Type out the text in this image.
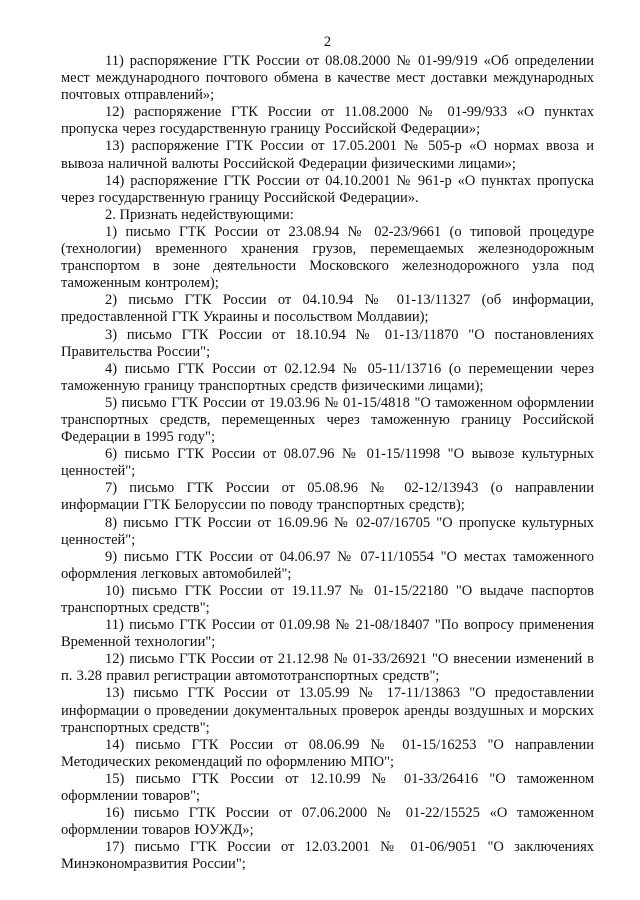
2

11) распоряжение ГТК России от 08.08.2000 № 01-99/919 «Об определении мест международного почтового обмена в качестве мест доставки международных почтовых отправлений»;

12) распоряжение ГТК России от 11.08.2000 № 01-99/933 «О пунктах пропуска через государственную границу Российской Федерации»;

13) распоряжение ГТК России от 17.05.2001 № 505-р «О нормах ввоза и вывоза наличной валюты Российской Федерации физическими лицами»;

14) распоряжение ГТК России от 04.10.2001 № 961-р «О пунктах пропуска через государственную границу Российской Федерации».

2. Признать недействующими:

1) письмо ГТК России от 23.08.94 № 02-23/9661 (о типовой процедуре (технологии) временного хранения грузов, перемещаемых железнодорожным транспортом в зоне деятельности Московского железнодорожного узла под таможенным контролем);

2) письмо ГТК России от 04.10.94 № 01-13/11327 (об информации, предоставленной ГТК Украины и посольством Молдавии);

3) письмо ГТК России от 18.10.94 № 01-13/11870 "О постановлениях Правительства России";

4) письмо ГТК России от 02.12.94 № 05-11/13716 (о перемещении через таможенную границу транспортных средств физическими лицами);

5) письмо ГТК России от 19.03.96 № 01-15/4818 "О таможенном оформлении транспортных средств, перемещенных через таможенную границу Российской Федерации в 1995 году";

6) письмо ГТК России от 08.07.96 № 01-15/11998 "О вывозе культурных ценностей";

7) письмо ГТК России от 05.08.96 № 02-12/13943 (о направлении информации ГТК Белоруссии по поводу транспортных средств);

8) письмо ГТК России от 16.09.96 № 02-07/16705 "О пропуске культурных ценностей";

9) письмо ГТК России от 04.06.97 № 07-11/10554 "О местах таможенного оформления легковых автомобилей";

10) письмо ГТК России от 19.11.97 № 01-15/22180 "О выдаче паспортов транспортных средств";

11) письмо ГТК России от 01.09.98 № 21-08/18407 "По вопросу применения Временной технологии";

12) письмо ГТК России от 21.12.98 № 01-33/26921 "О внесении изменений в п. 3.28 правил регистрации автомототранспортных средств";

13) письмо ГТК России от 13.05.99 № 17-11/13863 "О предоставлении информации о проведении документальных проверок аренды воздушных и морских транспортных средств";

14) письмо ГТК России от 08.06.99 № 01-15/16253 "О направлении Методических рекомендаций по оформлению МПО";

15) письмо ГТК России от 12.10.99 № 01-33/26416 "О таможенном оформлении товаров";

16) письмо ГТК России от 07.06.2000 № 01-22/15525 «О таможенном оформлении товаров ЮУЖД»;

17) письмо ГТК России от 12.03.2001 № 01-06/9051 "О заключениях Минэкономразвития России";
